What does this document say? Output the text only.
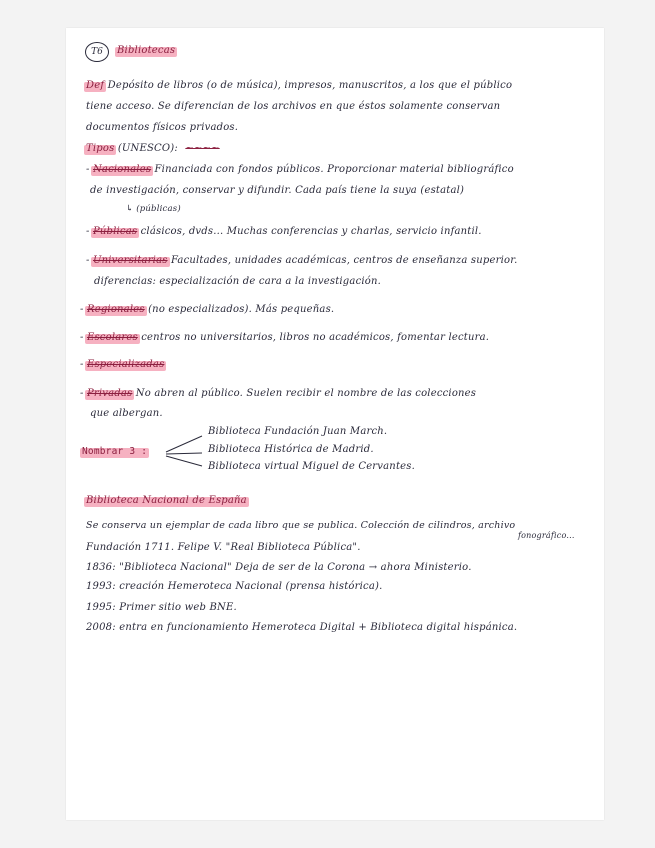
T6	Bibliotecas
Def Depósito de libros (o de música), impresos, manuscritos, a los que el público
tiene acceso. Se diferencian de los archivos en que éstos solamente conservan
documentos físicos privados.
Tipos (UNESCO): ~~~~
- Nacionales Financiada con fondos públicos. Proporcionar material bibliográfico
de investigación, conservar y difundir. Cada país tiene la suya (estatal)
↳ (públicas)
- Públicas clásicos, dvds... Muchas conferencias y charlas, servicio infantil.
- Universitarias Facultades, unidades académicas, centros de enseñanza superior.
diferencias: especialización de cara a la investigación.
- Regionales (no especializados). Más pequeñas.
- Escolares centros no universitarios, libros no académicos, fomentar lectura.
- Especializadas
- Privadas No abren al público. Suelen recibir el nombre de las colecciones
que albergan.
Nombrar 3 :
Biblioteca Fundación Juan March.
Biblioteca Histórica de Madrid.
Biblioteca virtual Miguel de Cervantes.
Biblioteca Nacional de España
Se conserva un ejemplar de cada libro que se publica. Colección de cilindros, archivo
fonográfico...
Fundación 1711. Felipe V. "Real Biblioteca Pública".
1836: "Biblioteca Nacional" Deja de ser de la Corona → ahora Ministerio.
1993: creación Hemeroteca Nacional (prensa histórica).
1995: Primer sitio web BNE.
2008: entra en funcionamiento Hemeroteca Digital + Biblioteca digital hispánica.
